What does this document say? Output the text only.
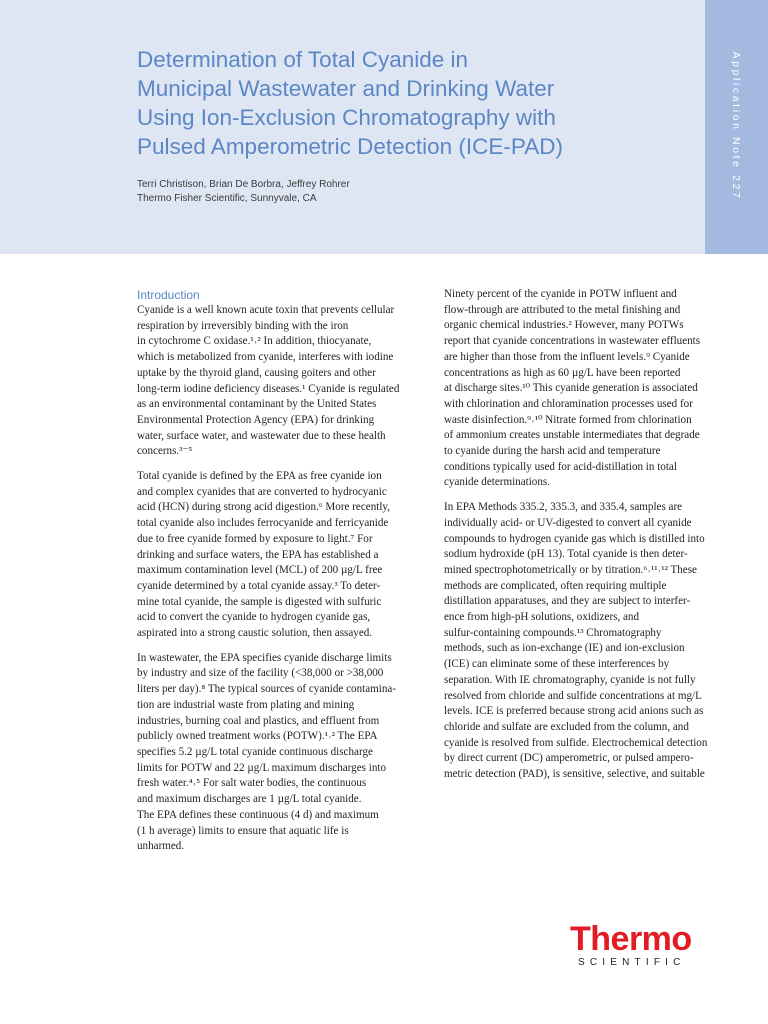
Application Note 227
Determination of Total Cyanide in
Municipal Wastewater and Drinking Water
Using Ion-Exclusion Chromatography with
Pulsed Amperometric Detection (ICE-PAD)
Terri Christison, Brian De Borbra, Jeffrey Rohrer
Thermo Fisher Scientific, Sunnyvale, CA
Introduction

Cyanide is a well known acute toxin that prevents cellular
respiration by irreversibly binding with the iron
in cytochrome C oxidase.¹˒² In addition, thiocyanate,
which is metabolized from cyanide, interferes with iodine
uptake by the thyroid gland, causing goiters and other
long-term iodine deficiency diseases.¹ Cyanide is regulated
as an environmental contaminant by the United States
Environmental Protection Agency (EPA) for drinking
water, surface water, and wastewater due to these health
concerns.³⁻⁵

Total cyanide is defined by the EPA as free cyanide ion
and complex cyanides that are converted to hydrocyanic
acid (HCN) during strong acid digestion.⁶ More recently,
total cyanide also includes ferrocyanide and ferricyanide
due to free cyanide formed by exposure to light.⁷ For
drinking and surface waters, the EPA has established a
maximum contamination level (MCL) of 200 µg/L free
cyanide determined by a total cyanide assay.³ To deter-
mine total cyanide, the sample is digested with sulfuric
acid to convert the cyanide to hydrogen cyanide gas,
aspirated into a strong caustic solution, then assayed.

In wastewater, the EPA specifies cyanide discharge limits
by industry and size of the facility (<38,000 or >38,000
liters per day).⁸ The typical sources of cyanide contamina-
tion are industrial waste from plating and mining
industries, burning coal and plastics, and effluent from
publicly owned treatment works (POTW).¹˒² The EPA
specifies 5.2 µg/L total cyanide continuous discharge
limits for POTW and 22 µg/L maximum discharges into
fresh water.⁴˒⁵ For salt water bodies, the continuous
and maximum discharges are 1 µg/L total cyanide.
The EPA defines these continuous (4 d) and maximum
(1 h average) limits to ensure that aquatic life is
unharmed.

Ninety percent of the cyanide in POTW influent and
flow-through are attributed to the metal finishing and
organic chemical industries.² However, many POTWs
report that cyanide concentrations in wastewater effluents
are higher than those from the influent levels.⁹ Cyanide
concentrations as high as 60 µg/L have been reported
at discharge sites.¹⁰ This cyanide generation is associated
with chlorination and chloramination processes used for
waste disinfection.⁹˒¹⁰ Nitrate formed from chlorination
of ammonium creates unstable intermediates that degrade
to cyanide during the harsh acid and temperature
conditions typically used for acid-distillation in total
cyanide determinations.

In EPA Methods 335.2, 335.3, and 335.4, samples are
individually acid- or UV-digested to convert all cyanide
compounds to hydrogen cyanide gas which is distilled into
sodium hydroxide (pH 13). Total cyanide is then deter-
mined spectrophotometrically or by titration.⁶˒¹¹˒¹² These
methods are complicated, often requiring multiple
distillation apparatuses, and they are subject to interfer-
ence from high-pH solutions, oxidizers, and
sulfur-containing compounds.¹³ Chromatography
methods, such as ion-exchange (IE) and ion-exclusion
(ICE) can eliminate some of these interferences by
separation. With IE chromatography, cyanide is not fully
resolved from chloride and sulfide concentrations at mg/L
levels. ICE is preferred because strong acid anions such as
chloride and sulfate are excluded from the column, and
cyanide is resolved from sulfide. Electrochemical detection
by direct current (DC) amperometric, or pulsed ampero-
metric detection (PAD), is sensitive, selective, and suitable

Thermo
SCIENTIFIC
